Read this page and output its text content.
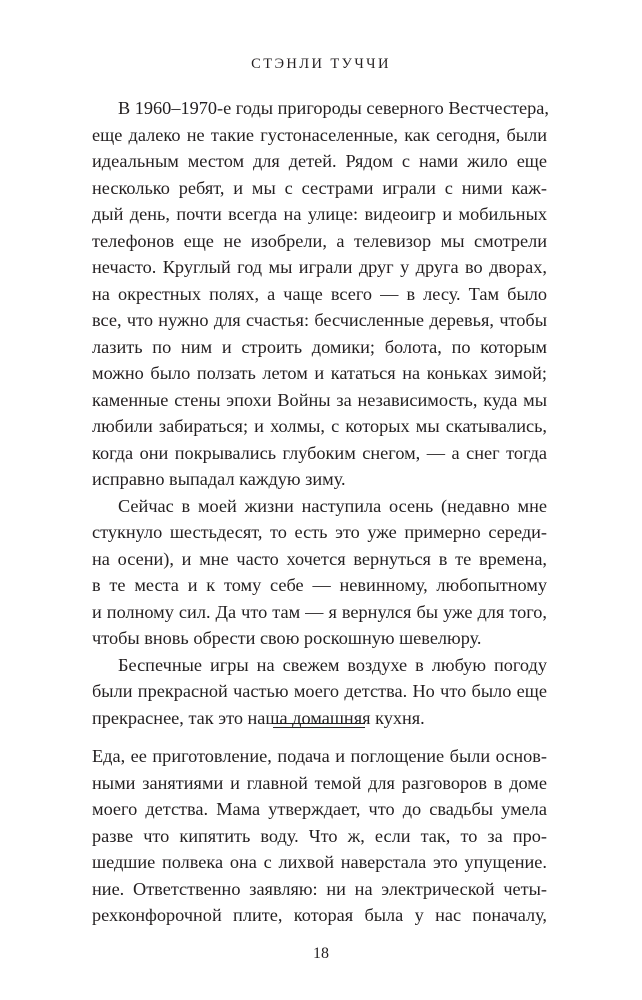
СТЭНЛИ ТУЧЧИ
В 1960–1970-е годы пригороды северного Вестчестера,
еще далеко не такие густонаселенные, как сегодня, были
идеальным местом для детей. Рядом с нами жило еще
несколько ребят, и мы с сестрами играли с ними каж-
дый день, почти всегда на улице: видеоигр и мобильных
телефонов еще не изобрели, а телевизор мы смотрели
нечасто. Круглый год мы играли друг у друга во дворах,
на окрестных полях, а чаще всего — в лесу. Там было
все, что нужно для счастья: бесчисленные деревья, чтобы
лазить по ним и строить домики; болота, по которым
можно было ползать летом и кататься на коньках зимой;
каменные стены эпохи Войны за независимость, куда мы
любили забираться; и холмы, с которых мы скатывались,
когда они покрывались глубоким снегом, — а снег тогда
исправно выпадал каждую зиму.
Сейчас в моей жизни наступила осень (недавно мне
стукнуло шестьдесят, то есть это уже примерно середи-
на осени), и мне часто хочется вернуться в те времена,
в те места и к тому себе — невинному, любопытному
и полному сил. Да что там — я вернулся бы уже для того,
чтобы вновь обрести свою роскошную шевелюру.
Беспечные игры на свежем воздухе в любую погоду
были прекрасной частью моего детства. Но что было еще
прекраснее, так это наша домашняя кухня.
Еда, ее приготовление, подача и поглощение были основ-
ными занятиями и главной темой для разговоров в доме
моего детства. Мама утверждает, что до свадьбы умела
разве что кипятить воду. Что ж, если так, то за про-
шедшие полвека она с лихвой наверстала это упущение.
ние. Ответственно заявляю: ни на электрической четы-
рехконфорочной плите, которая была у нас поначалу,
18
